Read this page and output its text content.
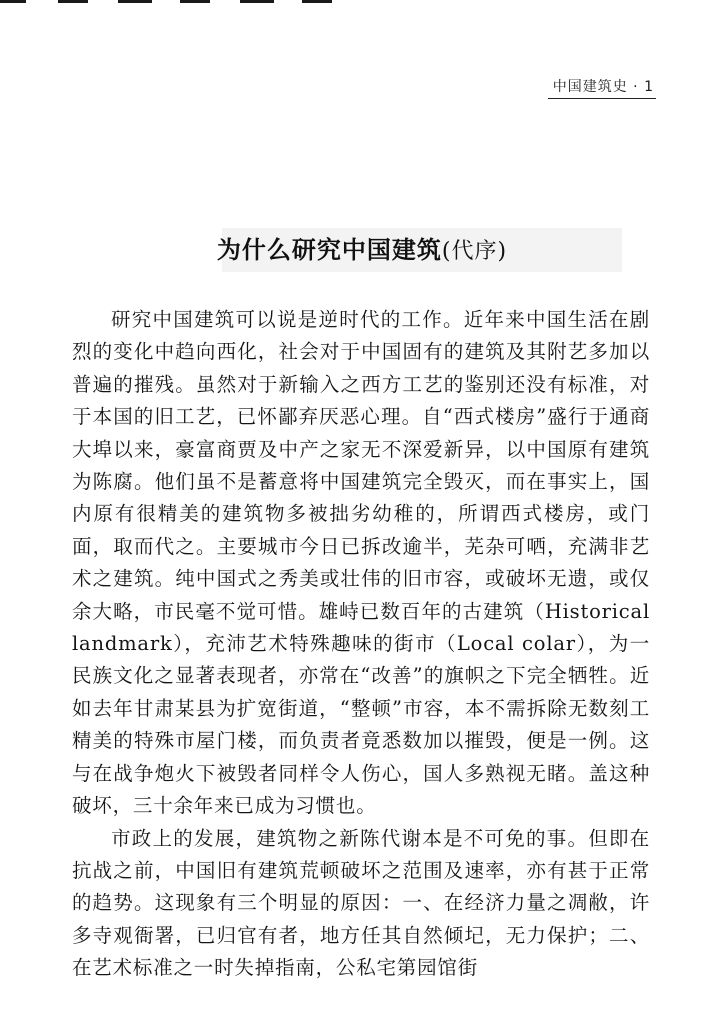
中国建筑史 · 1
为什么研究中国建筑(代序)

研究中国建筑可以说是逆时代的工作。近年来中国生活在剧烈的变化中趋向西化，社会对于中国固有的建筑及其附艺多加以普遍的摧残。虽然对于新输入之西方工艺的鉴别还没有标准，对于本国的旧工艺，已怀鄙弃厌恶心理。自“西式楼房”盛行于通商大埠以来，豪富商贾及中产之家无不深爱新异，以中国原有建筑为陈腐。他们虽不是蓄意将中国建筑完全毁灭，而在事实上，国内原有很精美的建筑物多被拙劣幼稚的，所谓西式楼房，或门面，取而代之。主要城市今日已拆改逾半，芜杂可哂，充满非艺术之建筑。纯中国式之秀美或壮伟的旧市容，或破坏无遗，或仅余大略，市民毫不觉可惜。雄峙已数百年的古建筑（Historical landmark），充沛艺术特殊趣味的街市（Local colar），为一民族文化之显著表现者，亦常在“改善”的旗帜之下完全牺牲。近如去年甘肃某县为扩宽街道，“整顿”市容，本不需拆除无数刻工精美的特殊市屋门楼，而负责者竟悉数加以摧毁，便是一例。这与在战争炮火下被毁者同样令人伤心，国人多熟视无睹。盖这种破坏，三十余年来已成为习惯也。

市政上的发展，建筑物之新陈代谢本是不可免的事。但即在抗战之前，中国旧有建筑荒顿破坏之范围及速率，亦有甚于正常的趋势。这现象有三个明显的原因：一、在经济力量之凋敝，许多寺观衙署，已归官有者，地方任其自然倾圮，无力保护；二、在艺术标准之一时失掉指南，公私宅第园馆街
